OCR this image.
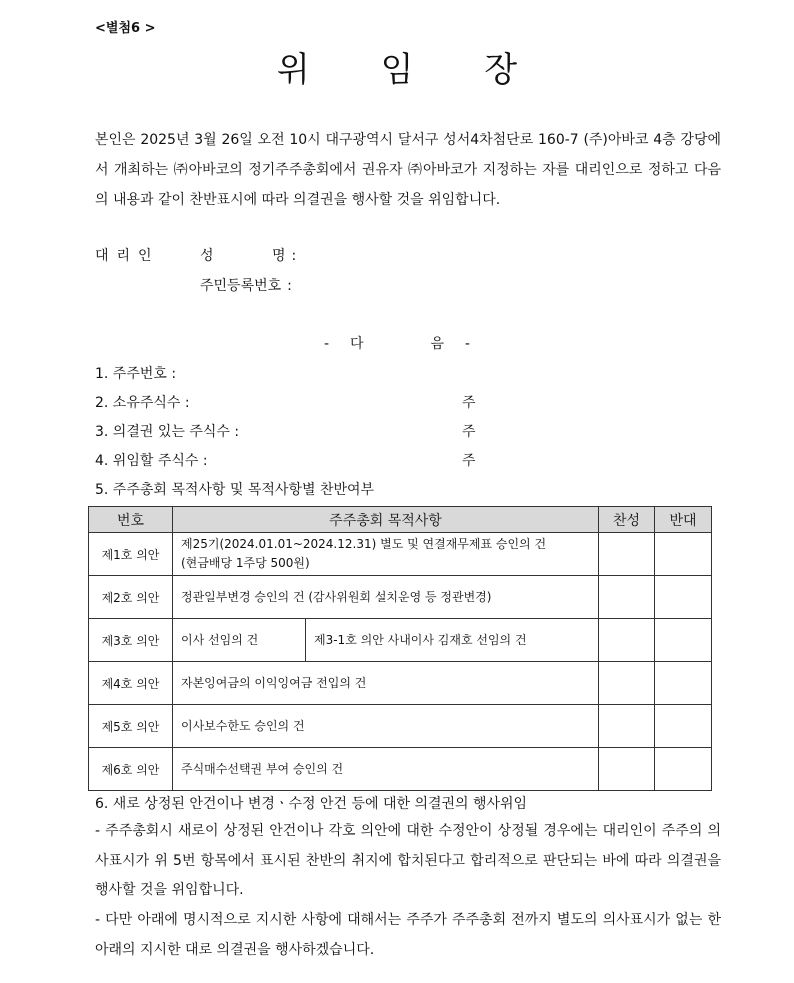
<별첨6 >
위 임 장
본인은 2025년 3월 26일 오전 10시 대구광역시 달서구 성서4차첨단로 160-7 (주)아바코 4층 강당에서 개최하는 ㈜아바코의 정기주주총회에서 권유자 ㈜아바코가 지정하는 자를 대리인으로 정하고 다음의 내용과 같이 찬반표시에 따라 의결권을 행사할 것을 위임합니다.
대리인	성	명 :
주민등록번호 :
- 다	음 -
1. 주주번호 :
2. 소유주식수 :	주
3. 의결권 있는 주식수 :	주
4. 위임할 주식수 :	주
5. 주주총회 목적사항 및 목적사항별 찬반여부
번호	주주총회 목적사항		찬성	반대
제1호 의안	제25기(2024.01.01~2024.12.31) 별도 및 연결재무제표 승인의 건
(현금배당 1주당 500원)			

제2호 의안	정관일부변경 승인의 건 (감사위원회 설치운영 등 정관변경)			
제3호 의안	이사 선임의 건	제3-1호 의안 사내이사 김재호 선임의 건		
제4호 의안	자본잉여금의 이익잉여금 전입의 건			
제5호 의안	이사보수한도 승인의 건			
제6호 의안	주식매수선택권 부여 승인의 건			
6. 새로 상정된 안건이나 변경ㆍ수정 안건 등에 대한 의결권의 행사위임
- 주주총회시 새로이 상정된 안건이나 각호 의안에 대한 수정안이 상정될 경우에는 대리인이 주주의 의사표시가 위 5번 항목에서 표시된 찬반의 취지에 합치된다고 합리적으로 판단되는 바에 따라 의결권을 행사할 것을 위임합니다.
- 다만 아래에 명시적으로 지시한 사항에 대해서는 주주가 주주총회 전까지 별도의 의사표시가 없는 한 아래의 지시한 대로 의결권을 행사하겠습니다.
